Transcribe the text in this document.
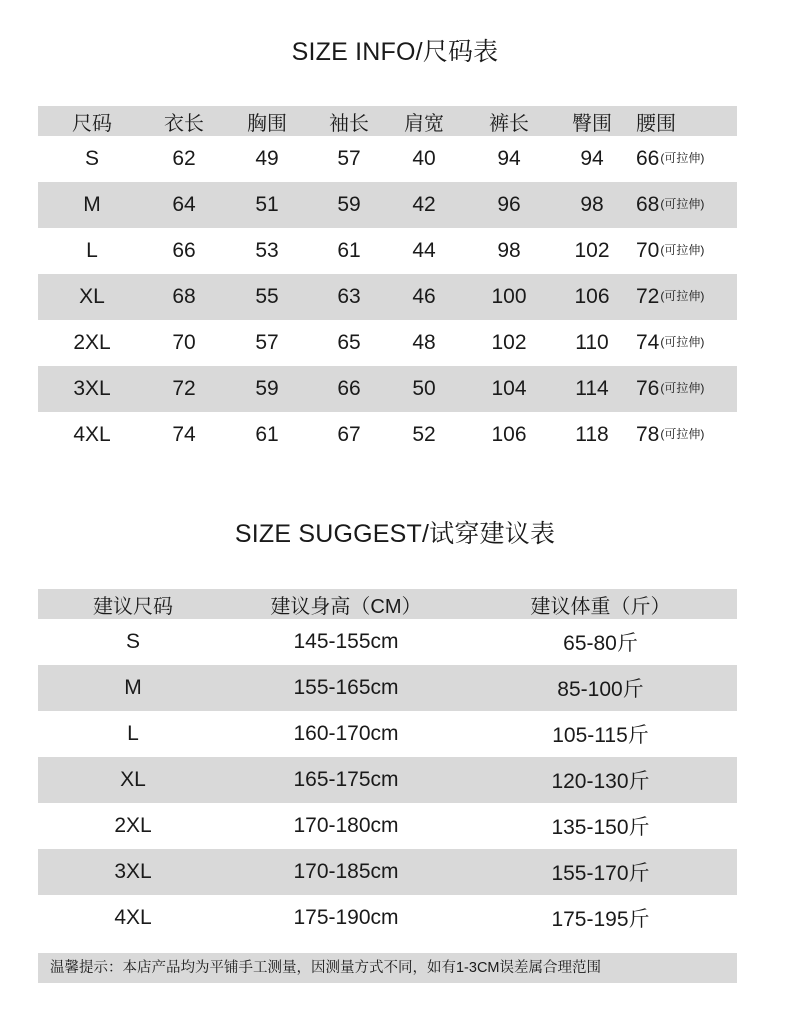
SIZE INFO/尺码表
尺码	衣长	胸围	袖长	肩宽	裤长	臀围	腰围
S	62	49	57	40	94	94	66(可拉伸)
M	64	51	59	42	96	98	68(可拉伸)
L	66	53	61	44	98	102	70(可拉伸)
XL	68	55	63	46	100	106	72(可拉伸)
2XL	70	57	65	48	102	110	74(可拉伸)
3XL	72	59	66	50	104	114	76(可拉伸)
4XL	74	61	67	52	106	118	78(可拉伸)
SIZE SUGGEST/试穿建议表
建议尺码	建议身高（CM）	建议体重（斤）
S	145-155cm	65-80斤
M	155-165cm	85-100斤
L	160-170cm	105-115斤
XL	165-175cm	120-130斤
2XL	170-180cm	135-150斤
3XL	170-185cm	155-170斤
4XL	175-190cm	175-195斤
温馨提示：本店产品均为平铺手工测量，因测量方式不同，如有1-3CM误差属合理范围
